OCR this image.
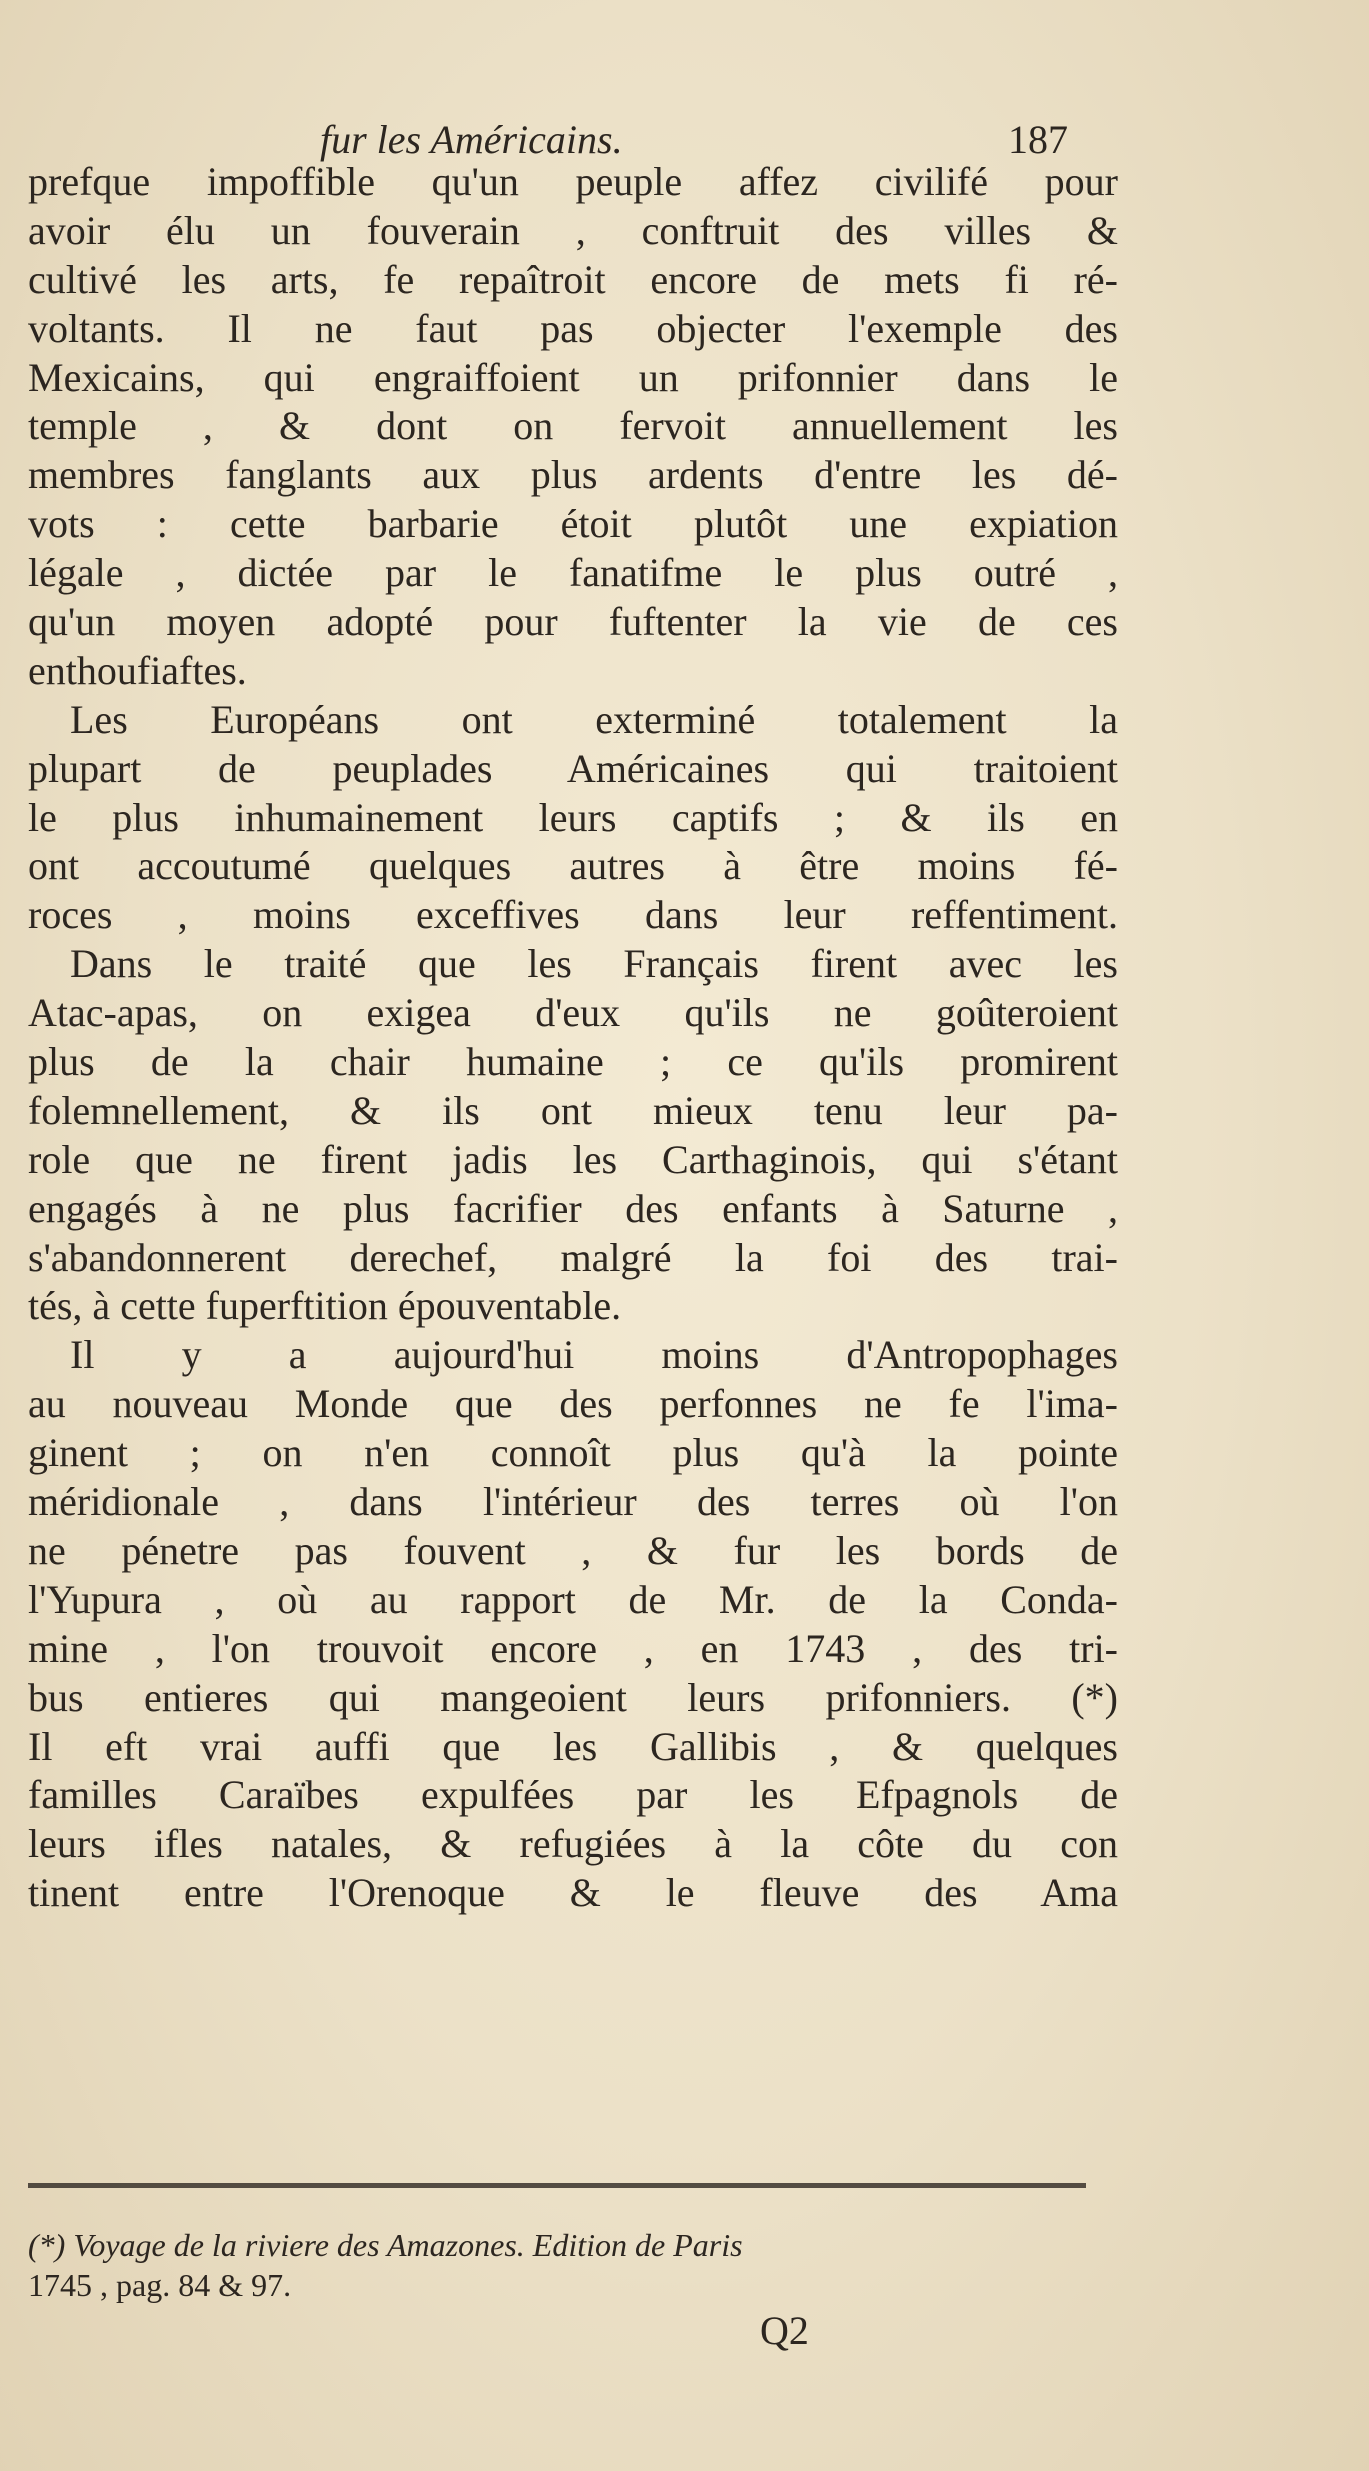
fur les Américains.	187
prefque impoffible qu'un peuple affez civilifé pour
avoir élu un fouverain , conftruit des villes &
cultivé les arts, fe repaîtroit encore de mets fi ré-
voltants. Il ne faut pas objecter l'exemple des
Mexicains, qui engraiffoient un prifonnier dans le
temple , & dont on fervoit annuellement les
membres fanglants aux plus ardents d'entre les dé-
vots : cette barbarie étoit plutôt une expiation
légale , dictée par le fanatifme le plus outré ,
qu'un moyen adopté pour fuftenter la vie de ces
enthoufiaftes.
Les Européans ont exterminé totalement la
plupart de peuplades Américaines qui traitoient
le plus inhumainement leurs captifs ; & ils en
ont accoutumé quelques autres à être moins fé-
roces , moins exceffives dans leur reffentiment.
Dans le traité que les Français firent avec les
Atac-apas, on exigea d'eux qu'ils ne goûteroient
plus de la chair humaine ; ce qu'ils promirent
folemnellement, & ils ont mieux tenu leur pa-
role que ne firent jadis les Carthaginois, qui s'étant
engagés à ne plus facrifier des enfants à Saturne ,
s'abandonnerent derechef, malgré la foi des trai-
tés, à cette fuperftition épouventable.
Il y a aujourd'hui moins d'Antropophages
au nouveau Monde que des perfonnes ne fe l'ima-
ginent ; on n'en connoît plus qu'à la pointe
méridionale , dans l'intérieur des terres où l'on
ne pénetre pas fouvent , & fur les bords de
l'Yupura , où au rapport de Mr. de la Conda-
mine , l'on trouvoit encore , en 1743 , des tri-
bus entieres qui mangeoient leurs prifonniers. (*)
Il eft vrai auffi que les Gallibis , & quelques
familles Caraïbes expulfées par les Efpagnols de
leurs ifles natales, & refugiées à la côte du con
tinent entre l'Orenoque & le fleuve des Ama
(*) Voyage de la riviere des Amazones. Edition de Paris
1745 , pag. 84 & 97.
Q2
